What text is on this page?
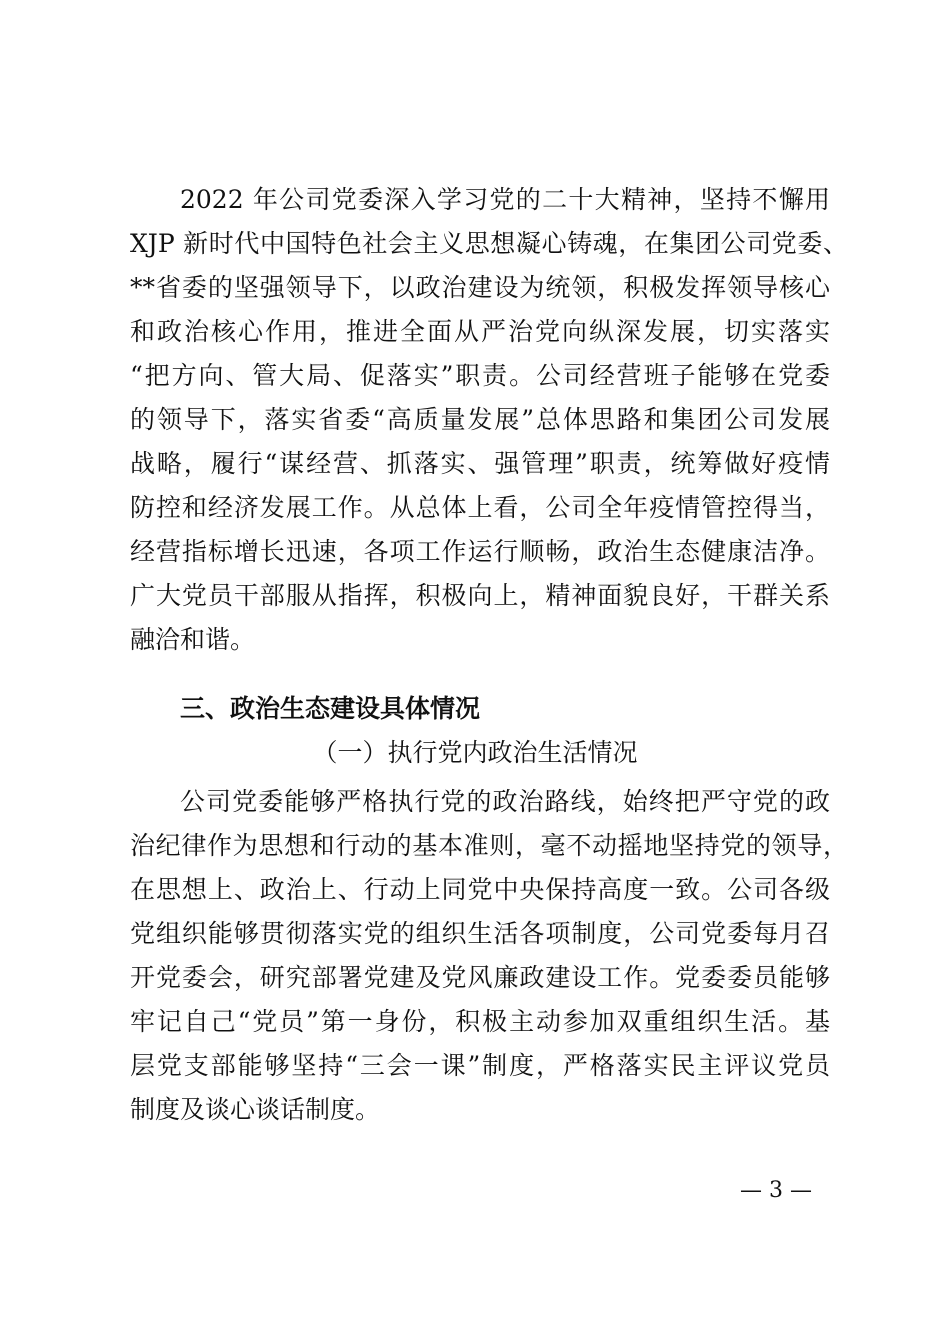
2022 年公司党委深入学习党的二十大精神，坚持不懈用
XJP 新时代中国特色社会主义思想凝心铸魂，在集团公司党委、
**省委的坚强领导下，以政治建设为统领，积极发挥领导核心
和政治核心作用，推进全面从严治党向纵深发展，切实落实
“把方向、管大局、促落实”职责。公司经营班子能够在党委
的领导下，落实省委“高质量发展”总体思路和集团公司发展
战略，履行“谋经营、抓落实、强管理”职责，统筹做好疫情
防控和经济发展工作。从总体上看，公司全年疫情管控得当，
经营指标增长迅速，各项工作运行顺畅，政治生态健康洁净。
广大党员干部服从指挥，积极向上，精神面貌良好，干群关系
融洽和谐。
三、政治生态建设具体情况
（一）执行党内政治生活情况
公司党委能够严格执行党的政治路线，始终把严守党的政
治纪律作为思想和行动的基本准则，毫不动摇地坚持党的领导，
在思想上、政治上、行动上同党中央保持高度一致。公司各级
党组织能够贯彻落实党的组织生活各项制度，公司党委每月召
开党委会，研究部署党建及党风廉政建设工作。党委委员能够
牢记自己“党员”第一身份，积极主动参加双重组织生活。基
层党支部能够坚持“三会一课”制度，严格落实民主评议党员
制度及谈心谈话制度。
— 3 —
